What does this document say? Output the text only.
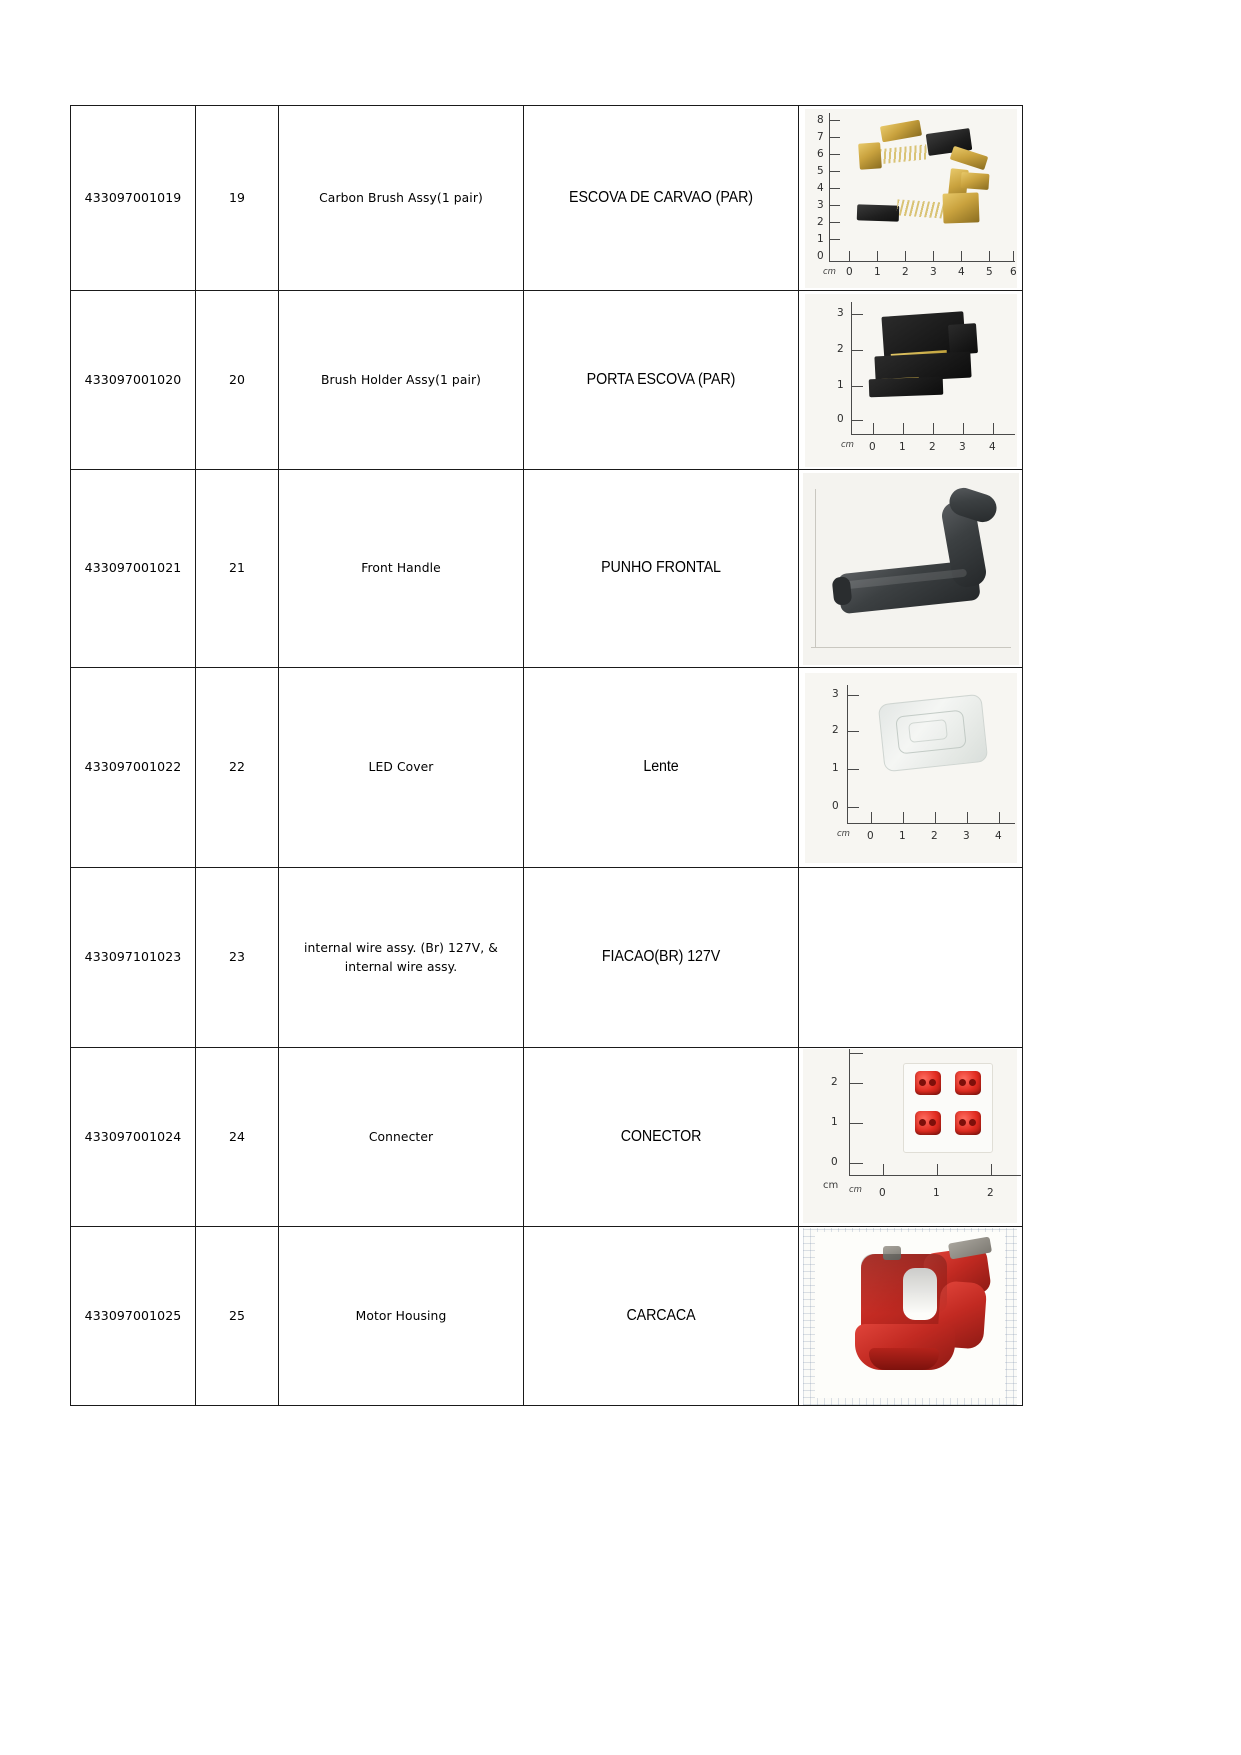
433097001019	19	Carbon Brush Assy(1 pair)	ESCOVA DE CARVAO (PAR)

8
7
6
5
4
3
2
1
0
cm 0 1 2 3 4 5 6

433097001020	20	Brush Holder Assy(1 pair)	PORTA ESCOVA (PAR)

3
2
1
0
cm 0 1 2 3 4

433097001021	21	Front Handle	PUNHO FRONTAL	

433097001022	22	LED Cover	Lente

3
2
1
0
cm 0 1 2 3 4

433097101023	23	internal wire assy. (Br) 127V, & internal wire assy.	FIACAO(BR) 127V	

433097001024	24	Connecter	CONECTOR

2
1
0
cm cm 0	1	2

433097001025	25	Motor Housing	CARCACA	
